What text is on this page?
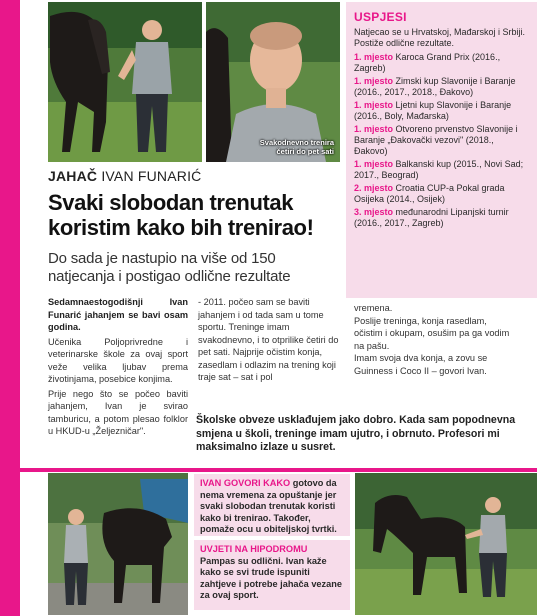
Svakodnevno trenira
četiri do pet sati
USPJESI
Natjecao se u Hrvatskoj, Mađarskoj i Srbiji. Postiže odlične rezultate.
1. mjesto Karoca Grand Prix (2016., Zagreb)
1. mjesto Zimski kup Slavonije i Baranje (2016., 2017., 2018., Đakovo)
1. mjesto Ljetni kup Slavonije i Baranje (2016., Boly, Mađarska)
1. mjesto Otvoreno prvenstvo Slavonije i Baranje „Đakovački vezovi" (2018., Đakovo)
1. mjesto Balkanski kup (2015., Novi Sad; 2017., Beograd)
2. mjesto Croatia CUP-a Pokal grada Osijeka (2014., Osijek)
3. mjesto međunarodni Lipanjski turnir (2016., 2017., Zagreb)
JAHAČ IVAN FUNARIĆ
Svaki slobodan trenutak koristim kako bih trenirao!
Do sada je nastupio na više od 150 natjecanja i postigao odlične rezultate
Sedamnaestogodišnji Ivan Funarić jahanjem se bavi osam godina.
Učenika Poljoprivredne i veterinarske škole za ovaj sport veže velika ljubav prema životinjama, posebice konjima.
Prije nego što se počeo baviti jahanjem, Ivan je svirao tamburicu, a potom plesao folklor u HKUD-u „Željezničar".
- 2011. počeo sam se baviti jahanjem i od tada sam u tome sportu. Treninge imam svakodnevno, i to otprilike četiri do pet sati. Najprije očistim konja, zasedlam i odlazim na trening koji traje sat – sat i pol
vremena.
Poslije treninga, konja rasedlam, očistim i okupam, osušim pa ga vodim na pašu.
Imam svoja dva konja, a zovu se Guinness i Coco II – govori Ivan.
Školske obveze usklađujem jako dobro. Kada sam popodnevna smjena u školi, treninge imam ujutro, i obrnuto. Profesori mi maksimalno izlaze u susret.
IVAN GOVORI KAKO gotovo da nema vremena za opuštanje jer svaki slobodan trenutak koristi kako bi trenirao. Također, pomaže ocu u obiteljskoj tvrtki.
UVJETI NA HIPODROMU
Pampas su odlični. Ivan kaže kako se svi trude ispuniti zahtjeve i potrebe jahača vezane za ovaj sport.
